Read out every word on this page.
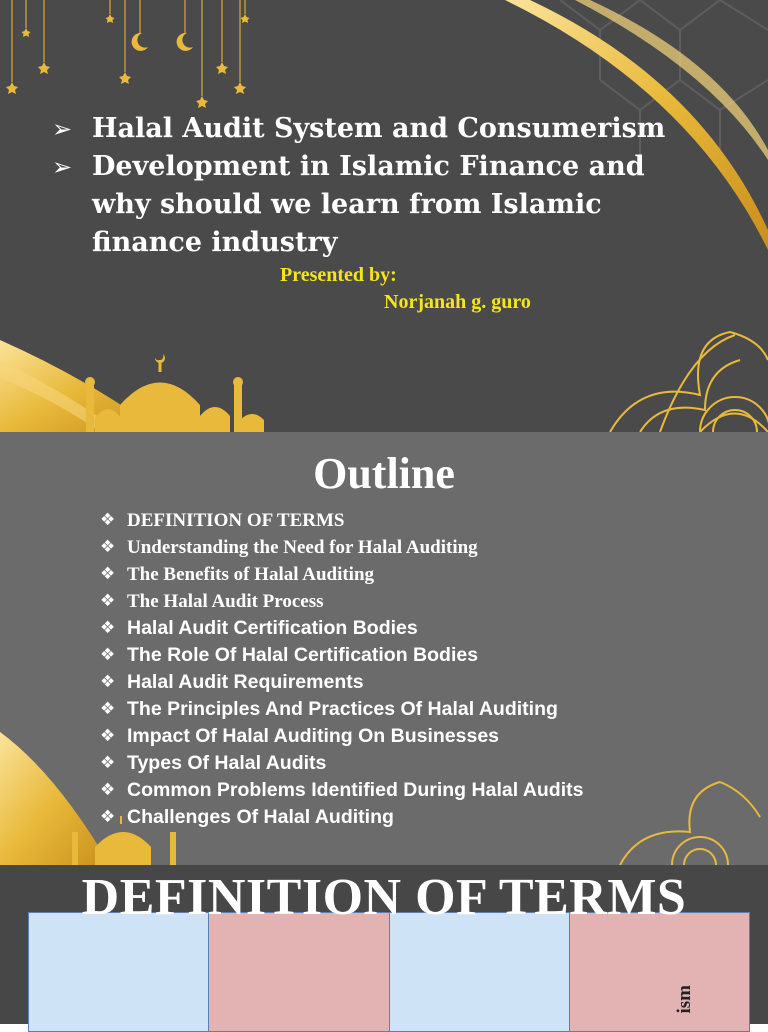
➢ Halal Audit System and Consumerism
➢ Development in Islamic Finance and why should we learn from Islamic finance industry
Presented by:
Norjanah g. guro
Outline
❖ DEFINITION OF TERMS
❖ Understanding the Need for Halal Auditing
❖ The Benefits of Halal Auditing
❖ The Halal Audit Process
❖ Halal Audit Certification Bodies
❖ The Role Of Halal Certification Bodies
❖ Halal Audit Requirements
❖ The Principles And Practices Of Halal Auditing
❖ Impact Of Halal Auditing On Businesses
❖ Types Of Halal Audits
❖ Common Problems Identified During Halal Audits
❖ Challenges Of Halal Auditing
DEFINITION OF TERMS
ism
